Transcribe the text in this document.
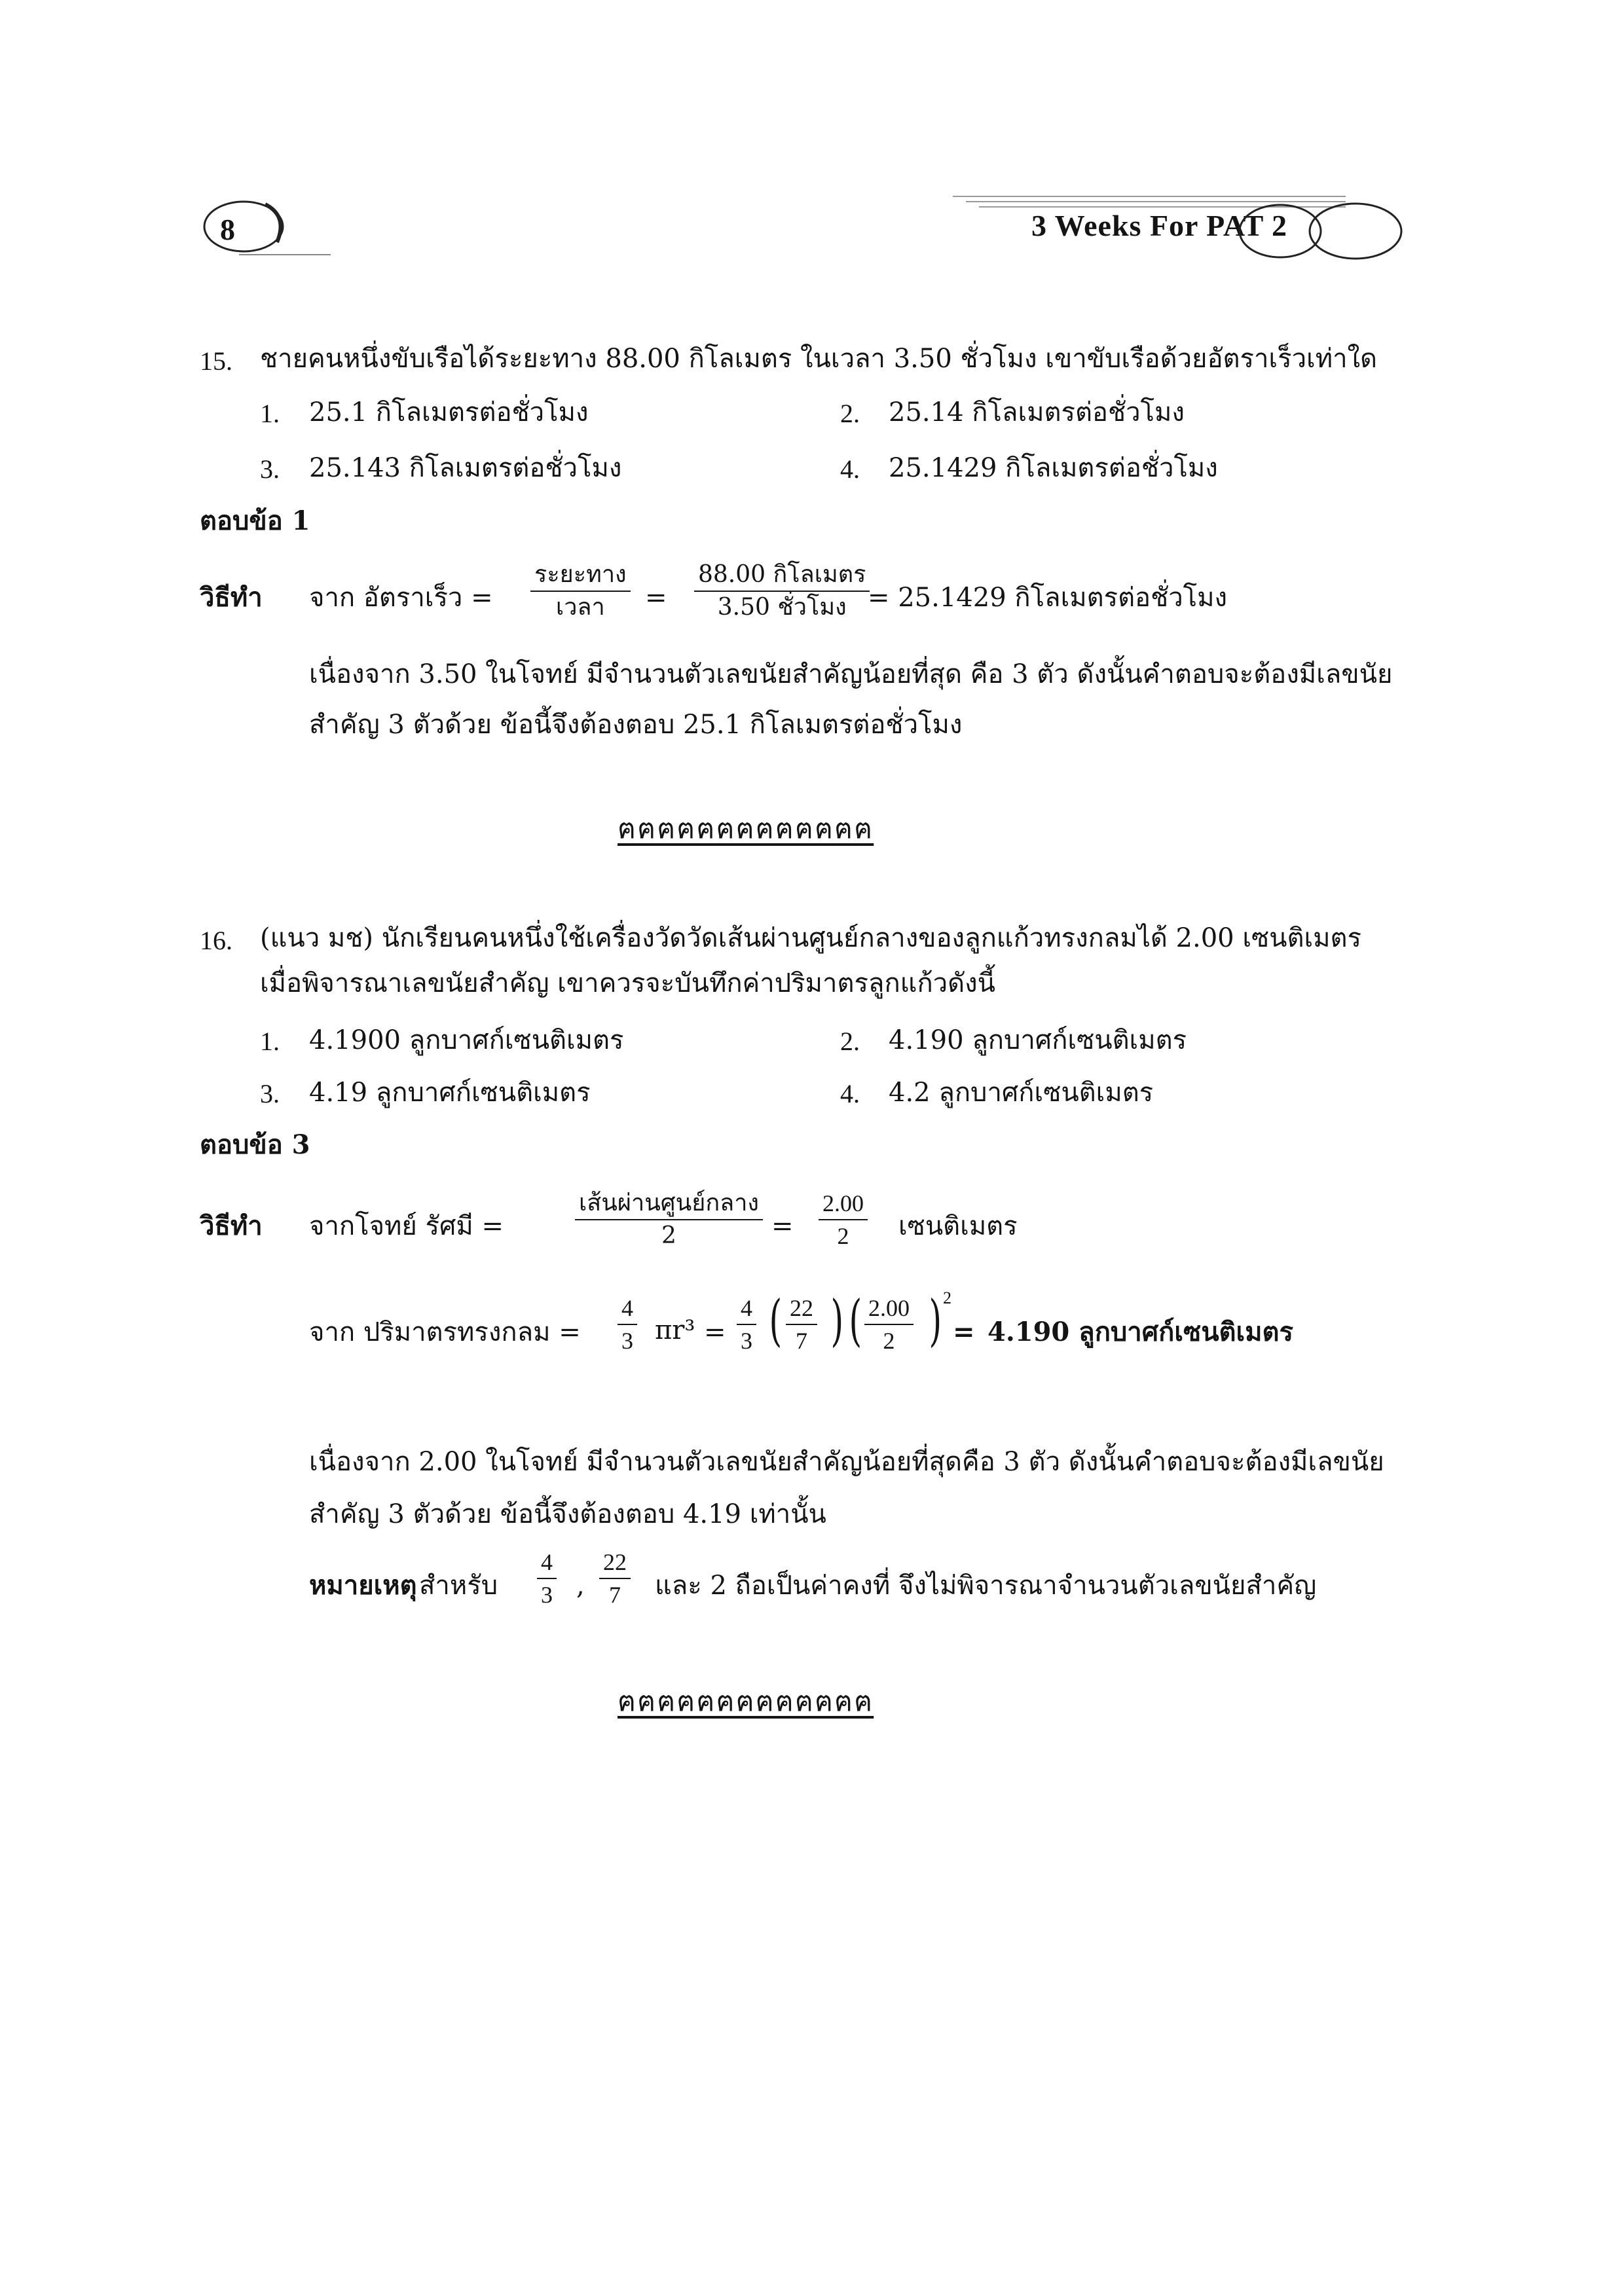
8	3 Weeks For PAT 2
15. ชายคนหนึ่งขับเรือได้ระยะทาง 88.00 กิโลเมตร ในเวลา 3.50 ชั่วโมง เขาขับเรือด้วยอัตราเร็วเท่าใด
1. 25.1 กิโลเมตรต่อชั่วโมง	2. 25.14 กิโลเมตรต่อชั่วโมง
3. 25.143 กิโลเมตรต่อชั่วโมง	4. 25.1429 กิโลเมตรต่อชั่วโมง
ตอบข้อ 1
วิธีทำ จาก อัตราเร็ว =
ระยะทาง
เวลา =
88.00 กิโลเมตร
3.50 ชั่วโมง = 25.1429 กิโลเมตรต่อชั่วโมง
เนื่องจาก 3.50 ในโจทย์ มีจำนวนตัวเลขนัยสำคัญน้อยที่สุด คือ 3 ตัว ดังนั้นคำตอบจะต้องมีเลขนัย
สำคัญ 3 ตัวด้วย ข้อนี้จึงต้องตอบ 25.1 กิโลเมตรต่อชั่วโมง
ฅฅฅฅฅฅฅฅฅฅฅฅฅ
16. (แนว มช) นักเรียนคนหนึ่งใช้เครื่องวัดวัดเส้นผ่านศูนย์กลางของลูกแก้วทรงกลมได้ 2.00 เซนติเมตร
เมื่อพิจารณาเลขนัยสำคัญ เขาควรจะบันทึกค่าปริมาตรลูกแก้วดังนี้
1. 4.1900 ลูกบาศก์เซนติเมตร	2. 4.190 ลูกบาศก์เซนติเมตร
3. 4.19 ลูกบาศก์เซนติเมตร	4. 4.2 ลูกบาศก์เซนติเมตร
ตอบข้อ 3
วิธีทำ จากโจทย์ รัศมี =
เส้นผ่านศูนย์กลาง
2	=
2.00
2 เซนติเมตร
จาก ปริมาตรทรงกลม =
4
3 πr³ =
4
3 ( 22
7 ) ( 2.00
2 ) 2
= 4.190 ลูกบาศก์เซนติเมตร
เนื่องจาก 2.00 ในโจทย์ มีจำนวนตัวเลขนัยสำคัญน้อยที่สุดคือ 3 ตัว ดังนั้นคำตอบจะต้องมีเลขนัย
สำคัญ 3 ตัวด้วย ข้อนี้จึงต้องตอบ 4.19 เท่านั้น
หมายเหตุ สำหรับ
4
3 ,
22
7 และ 2 ถือเป็นค่าคงที่ จึงไม่พิจารณาจำนวนตัวเลขนัยสำคัญ
ฅฅฅฅฅฅฅฅฅฅฅฅฅ
